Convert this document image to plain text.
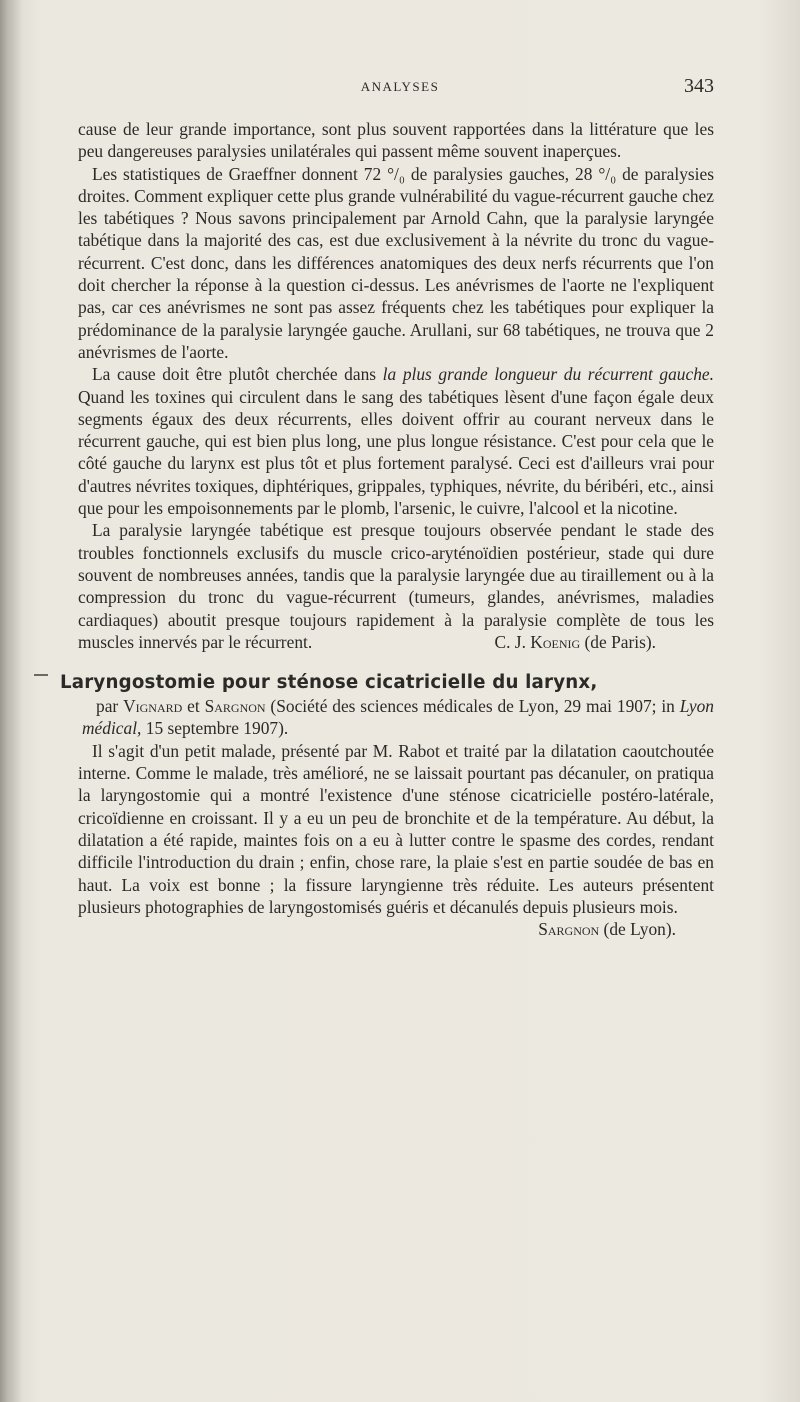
ANALYSES	343

cause de leur grande importance, sont plus souvent rapportées dans la littérature que les peu dangereuses paralysies unilatérales qui passent même souvent inaperçues.

Les statistiques de Graeffner donnent 72 °/₀ de paralysies gauches, 28 °/₀ de paralysies droites. Comment expliquer cette plus grande vulnérabilité du vague-récurrent gauche chez les tabétiques ? Nous savons principalement par Arnold Cahn, que la paralysie laryngée tabétique dans la majorité des cas, est due exclusivement à la névrite du tronc du vague-récurrent. C'est donc, dans les différences anatomiques des deux nerfs récurrents que l'on doit chercher la réponse à la question ci-dessus. Les anévrismes de l'aorte ne l'expliquent pas, car ces anévrismes ne sont pas assez fréquents chez les tabétiques pour expliquer la prédominance de la paralysie laryngée gauche. Arullani, sur 68 tabétiques, ne trouva que 2 anévrismes de l'aorte.

La cause doit être plutôt cherchée dans la plus grande longueur du récurrent gauche. Quand les toxines qui circulent dans le sang des tabétiques lèsent d'une façon égale deux segments égaux des deux récurrents, elles doivent offrir au courant nerveux dans le récurrent gauche, qui est bien plus long, une plus longue résistance. C'est pour cela que le côté gauche du larynx est plus tôt et plus fortement paralysé. Ceci est d'ailleurs vrai pour d'autres névrites toxiques, diphtériques, grippales, typhiques, névrite, du béribéri, etc., ainsi que pour les empoisonnements par le plomb, l'arsenic, le cuivre, l'alcool et la nicotine.

La paralysie laryngée tabétique est presque toujours observée pendant le stade des troubles fonctionnels exclusifs du muscle crico-aryténoïdien postérieur, stade qui dure souvent de nombreuses années, tandis que la paralysie laryngée due au tiraillement ou à la compression du tronc du vague-récurrent (tumeurs, glandes, anévrismes, maladies cardiaques) aboutit presque toujours rapidement à la paralysie complète de tous les muscles innervés par le récurrent.	C. J. Koenig (de Paris).

Laryngostomie pour sténose cicatricielle du larynx,

par Vignard et Sargnon (Société des sciences médicales de Lyon, 29 mai 1907; in Lyon médical, 15 septembre 1907).

Il s'agit d'un petit malade, présenté par M. Rabot et traité par la dilatation caoutchoutée interne. Comme le malade, très amélioré, ne se laissait pourtant pas décanuler, on pratiqua la laryngostomie qui a montré l'existence d'une sténose cicatricielle postéro-latérale, cricoïdienne en croissant. Il y a eu un peu de bronchite et de la température. Au début, la dilatation a été rapide, maintes fois on a eu à lutter contre le spasme des cordes, rendant difficile l'introduction du drain ; enfin, chose rare, la plaie s'est en partie soudée de bas en haut. La voix est bonne ; la fissure laryngienne très réduite. Les auteurs présentent plusieurs photographies de laryngostomisés guéris et décanulés depuis plusieurs mois.
Sargnon (de Lyon).
